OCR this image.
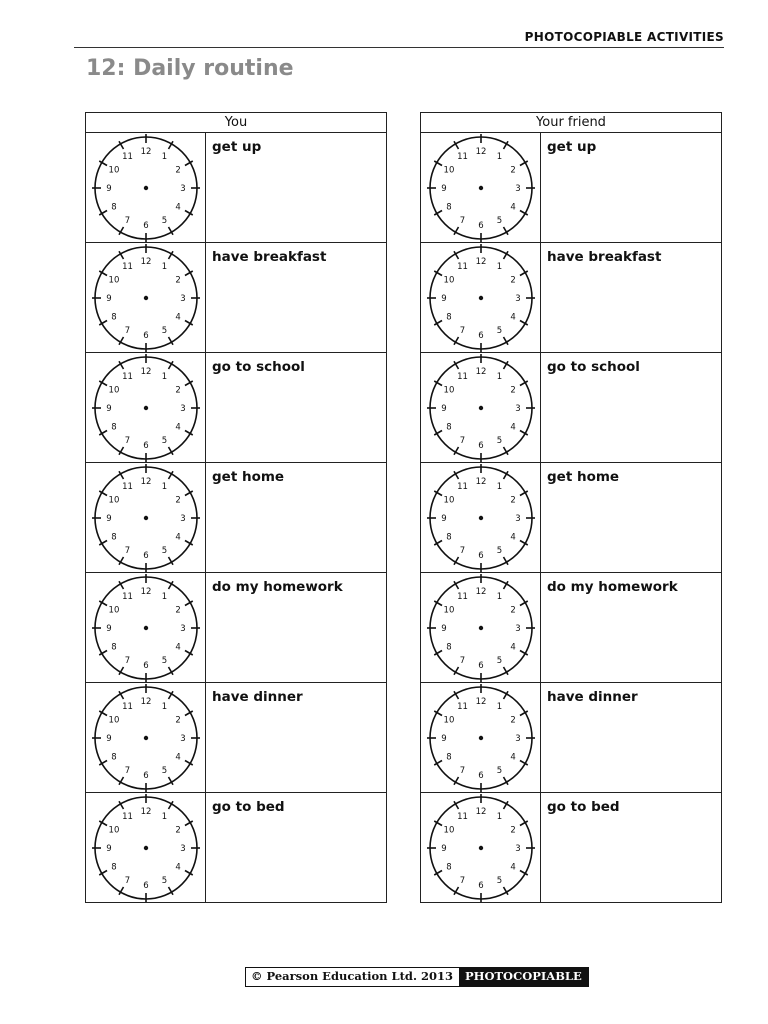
PHOTOCOPIABLE ACTIVITIES
12: Daily routine
You
12 1
2
3
4
5
6
7
8
9
10
11
get up
12 1
2
3
4
5
6
7
8
9
10
11
have breakfast
12 1
2
3
4
5
6
7
8
9
10
11
go to school
12 1
2
3
4
5
6
7
8
9
10
11
get home
12 1
2
3
4
5
6
7
8
9
10
11
do my homework
12 1
2
3
4
5
6
7
8
9
10
11
have dinner
12 1
2
3
4
5
6
7
8
9
10
11
go to bed
Your friend
12 1
2
3
4
5
6
7
8
9
10
11
get up
12 1
2
3
4
5
6
7
8
9
10
11
have breakfast
12 1
2
3
4
5
6
7
8
9
10
11
go to school
12 1
2
3
4
5
6
7
8
9
10
11
get home
12 1
2
3
4
5
6
7
8
9
10
11
do my homework
12 1
2
3
4
5
6
7
8
9
10
11
have dinner
12 1
2
3
4
5
6
7
8
9
10
11
go to bed
© Pearson Education Ltd. 2013	PHOTOCOPIABLE
